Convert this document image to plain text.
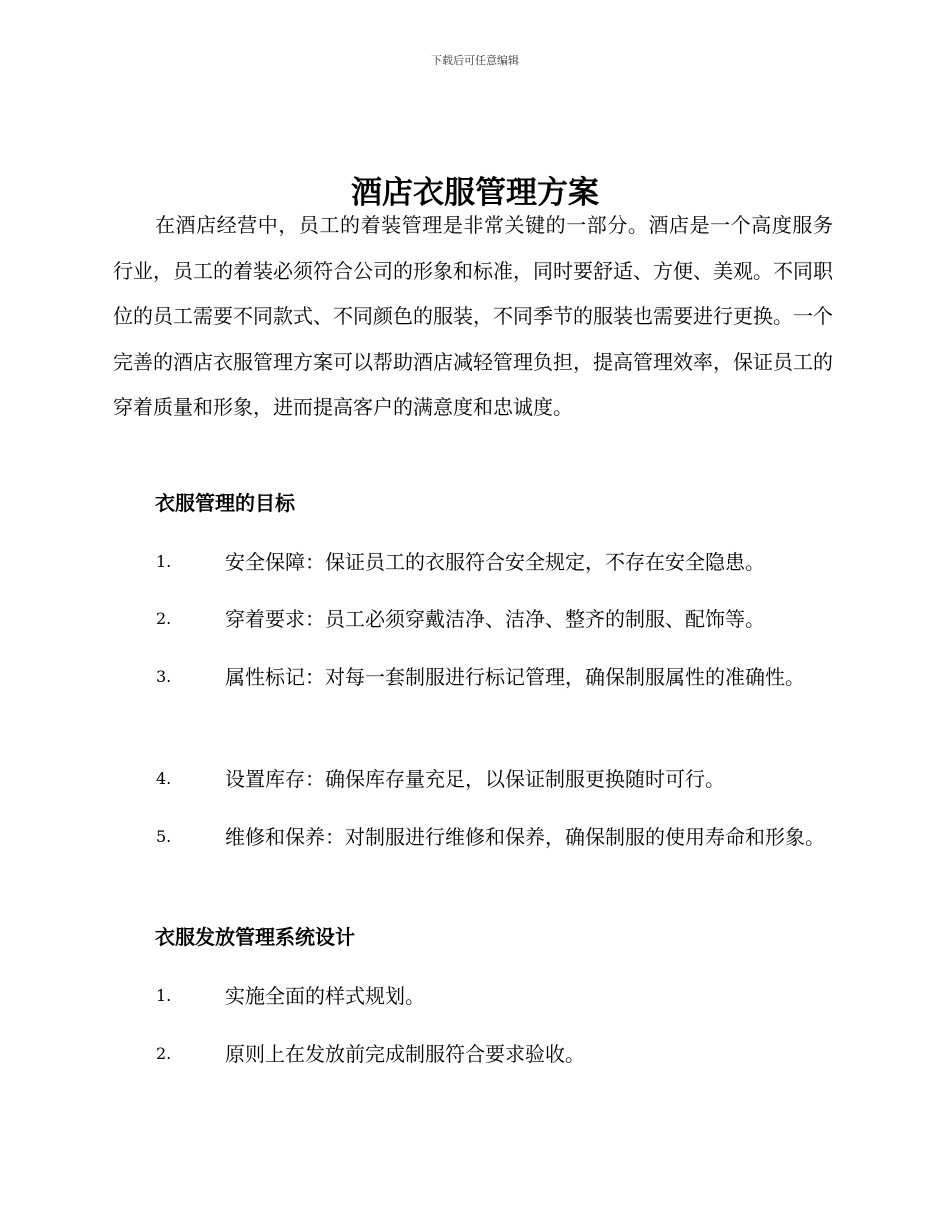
下载后可任意编辑
酒店衣服管理方案

在酒店经营中，员工的着装管理是非常关键的一部分。酒店是一个高度服务行业，员工的着装必须符合公司的形象和标准，同时要舒适、方便、美观。不同职位的员工需要不同款式、不同颜色的服装，不同季节的服装也需要进行更换。一个完善的酒店衣服管理方案可以帮助酒店减轻管理负担，提高管理效率，保证员工的穿着质量和形象，进而提高客户的满意度和忠诚度。

衣服管理的目标
1.	安全保障：保证员工的衣服符合安全规定，不存在安全隐患。
2.	穿着要求：员工必须穿戴洁净、洁净、整齐的制服、配饰等。
3.	属性标记：对每一套制服进行标记管理，确保制服属性的准确性。
4.	设置库存：确保库存量充足，以保证制服更换随时可行。
5.	维修和保养：对制服进行维修和保养，确保制服的使用寿命和形象。
衣服发放管理系统设计
1.	实施全面的样式规划。
2.	原则上在发放前完成制服符合要求验收。
